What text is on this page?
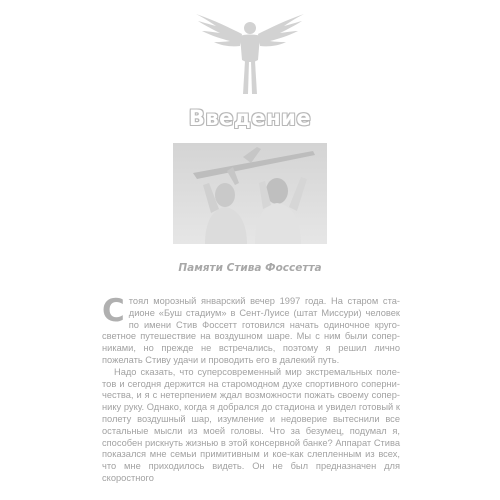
Введение
Памяти Стива Фоссетта

Стоял морозный январский вечер 1997 года. На старом стадионе «Буш стадиум» в Сент-Луисе (штат Миссури) человек по имени Стив Фоссетт готовился начать одиночное кругосветное путешествие на воздушном шаре. Мы с ним были соперниками, но прежде не встречались, поэтому я решил лично пожелать Стиву удачи и проводить его в далекий путь.

Надо сказать, что суперсовременный мир экстремальных полетов и сегодня держится на старомодном духе спортивного соперничества, и я с нетерпением ждал возможности пожать своему сопернику руку. Однако, когда я добрался до стадиона и увидел готовый к полету воздушный шар, изумление и недоверие вытеснили все остальные мысли из моей головы. Что за безумец, подумал я, способен рискнуть жизнью в этой консервной банке? Аппарат Стива показался мне семьи примитивным и кое-как слепленным из всех, что мне приходилось видеть. Он не был предназначен для скоростного
